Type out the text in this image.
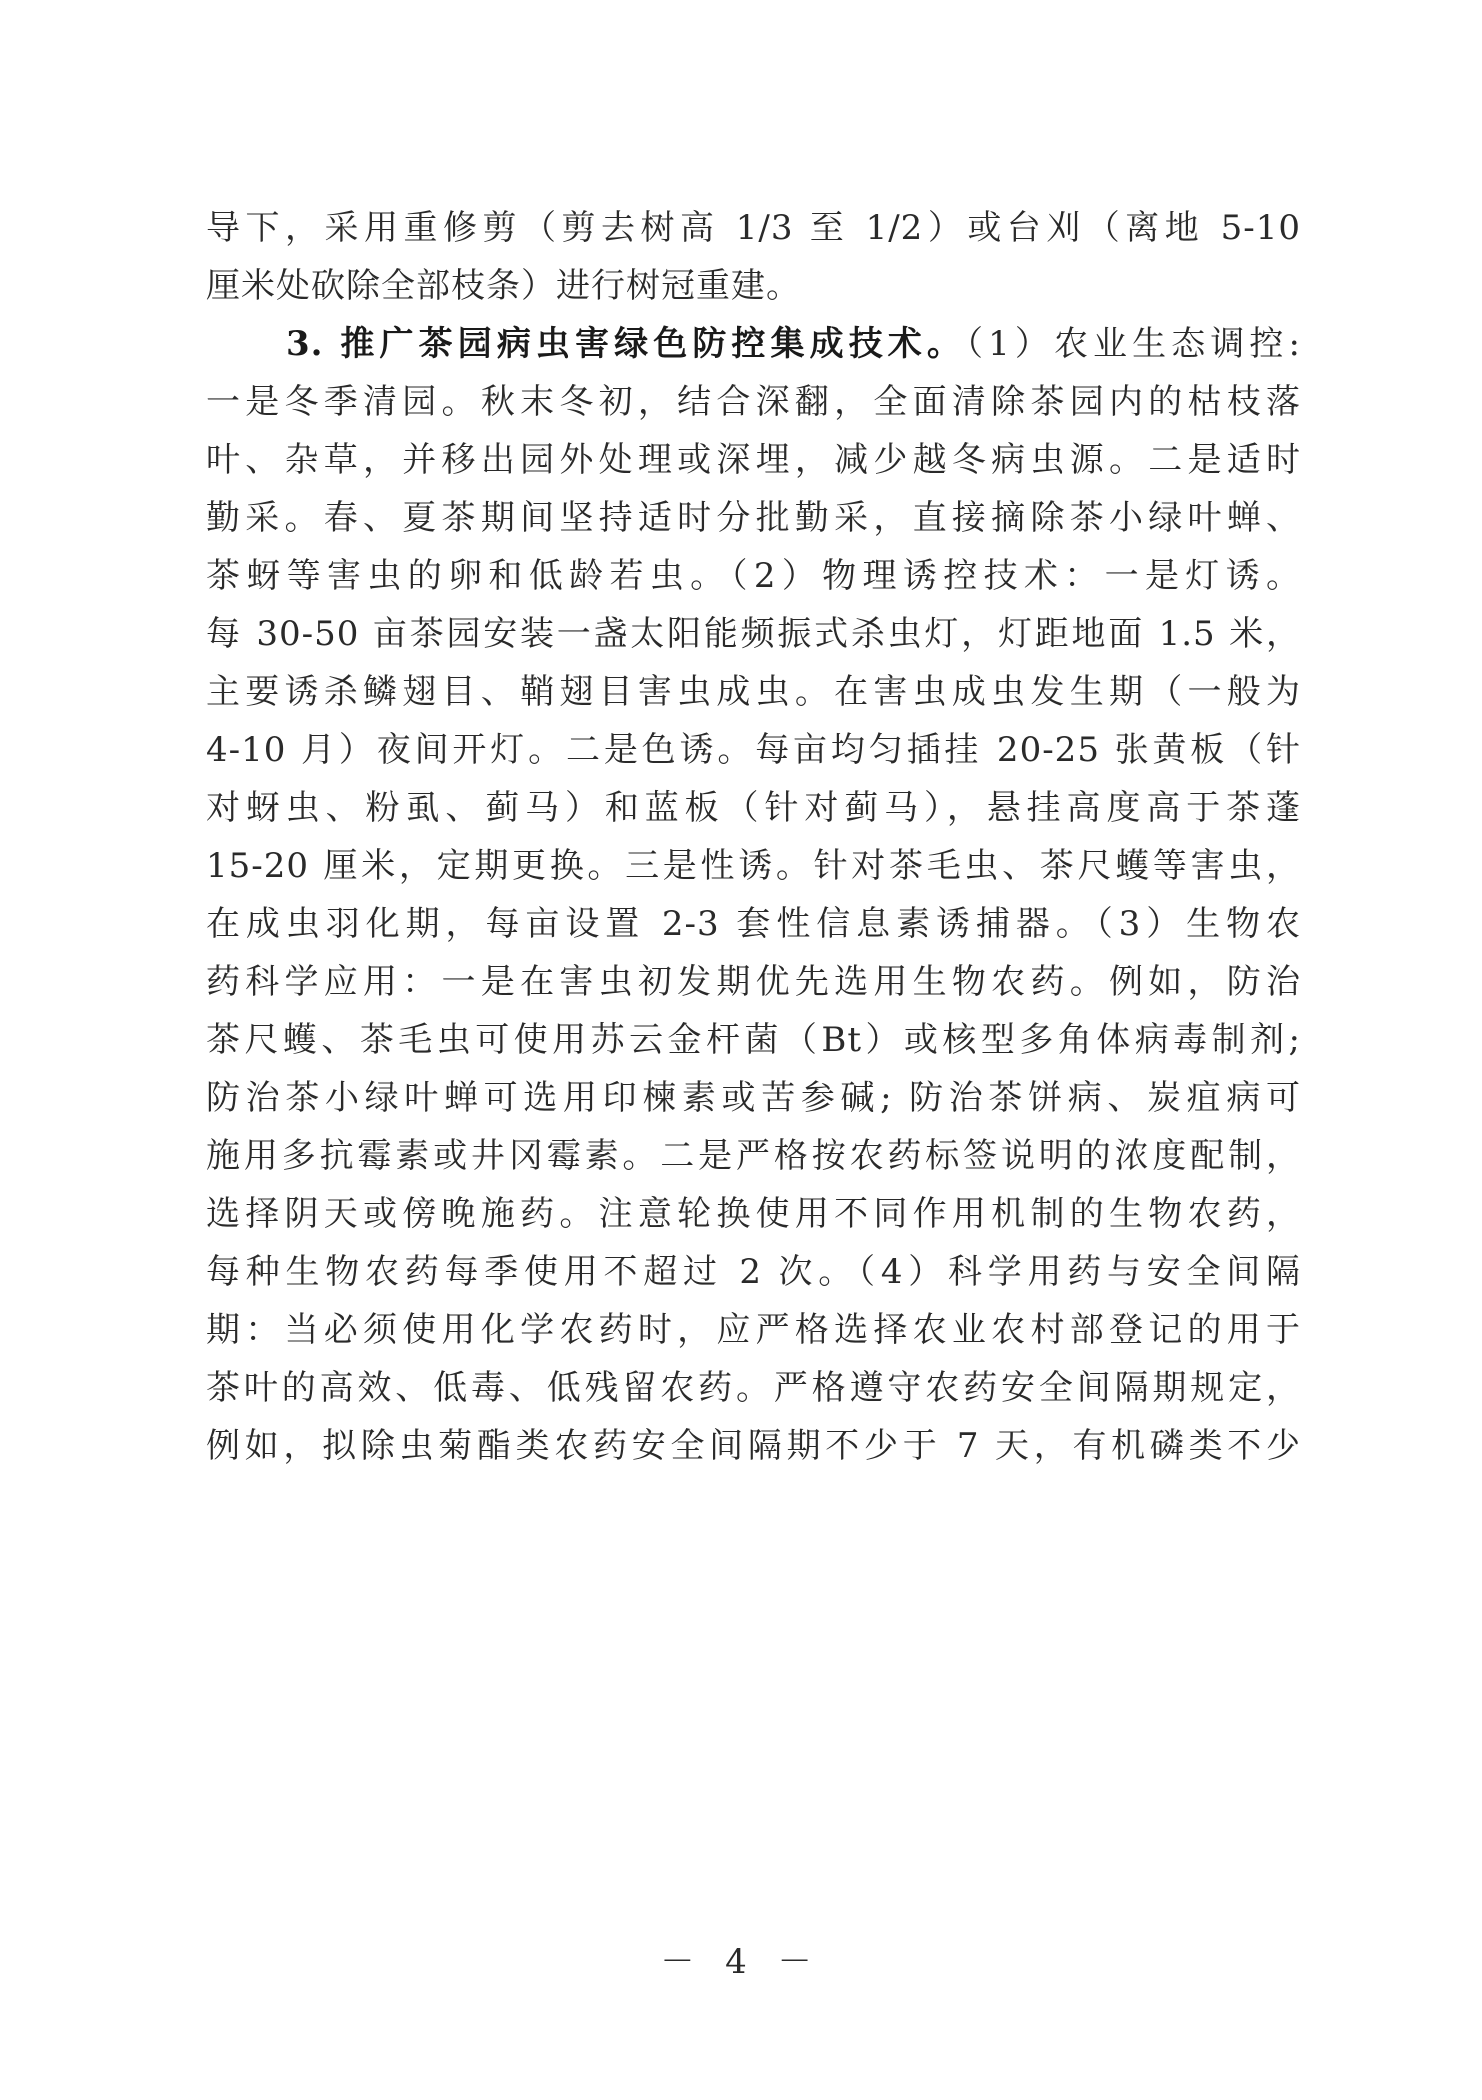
导下，采用重修剪（剪去树高 1/3 至 1/2）或台刈（离地 5-10
厘米处砍除全部枝条）进行树冠重建。
3. 推广茶园病虫害绿色防控集成技术。（1）农业生态调控:
一是冬季清园。秋末冬初，结合深翻，全面清除茶园内的枯枝落
叶、杂草，并移出园外处理或深埋，减少越冬病虫源。二是适时
勤采。春、夏茶期间坚持适时分批勤采，直接摘除茶小绿叶蝉、
茶蚜等害虫的卵和低龄若虫。（2）物理诱控技术：一是灯诱。
每 30-50 亩茶园安装一盏太阳能频振式杀虫灯，灯距地面 1.5 米，
主要诱杀鳞翅目、鞘翅目害虫成虫。在害虫成虫发生期（一般为
4-10 月）夜间开灯。二是色诱。每亩均匀插挂 20-25 张黄板（针
对蚜虫、粉虱、蓟马）和蓝板（针对蓟马），悬挂高度高于茶蓬
15-20 厘米，定期更换。三是性诱。针对茶毛虫、茶尺蠖等害虫，
在成虫羽化期，每亩设置 2-3 套性信息素诱捕器。（3）生物农
药科学应用：一是在害虫初发期优先选用生物农药。例如，防治
茶尺蠖、茶毛虫可使用苏云金杆菌（Bt）或核型多角体病毒制剂;
防治茶小绿叶蝉可选用印楝素或苦参碱; 防治茶饼病、炭疽病可
施用多抗霉素或井冈霉素。二是严格按农药标签说明的浓度配制，
选择阴天或傍晚施药。注意轮换使用不同作用机制的生物农药，
每种生物农药每季使用不超过 2 次。（4）科学用药与安全间隔
期：当必须使用化学农药时，应严格选择农业农村部登记的用于
茶叶的高效、低毒、低残留农药。严格遵守农药安全间隔期规定，
例如，拟除虫菊酯类农药安全间隔期不少于 7 天，有机磷类不少
－ 4 －
